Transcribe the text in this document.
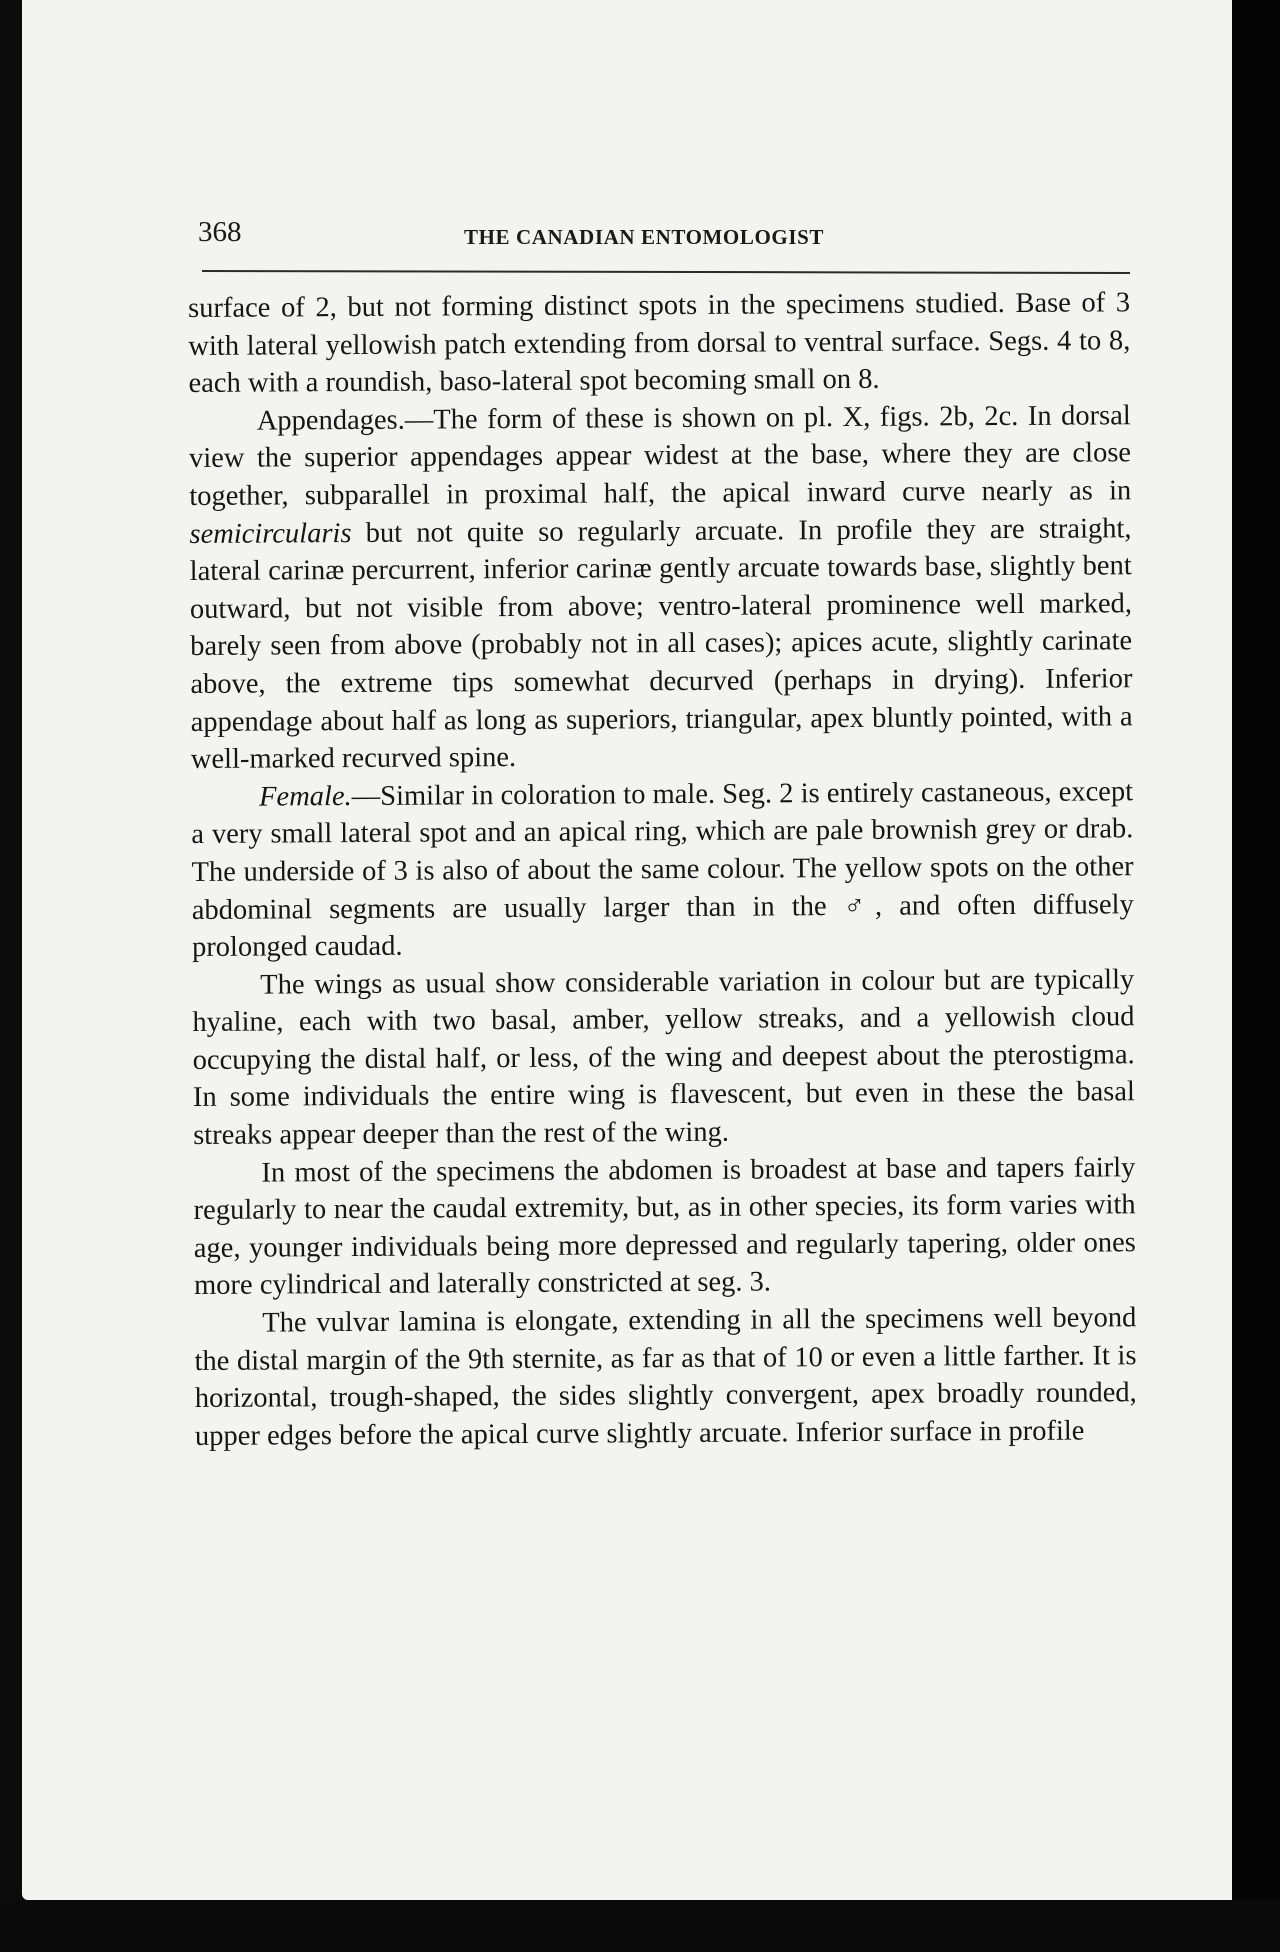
368	THE CANADIAN ENTOMOLOGIST

surface of 2, but not forming distinct spots in the specimens studied. Base of 3 with lateral yellowish patch extending from dorsal to ventral surface. Segs. 4 to 8, each with a roundish, baso-lateral spot becoming small on 8.

Appendages.—The form of these is shown on pl. X, figs. 2b, 2c. In dorsal view the superior appendages appear widest at the base, where they are close together, subparallel in proximal half, the apical inward curve nearly as in semicircularis but not quite so regularly arcuate. In profile they are straight, lateral carinæ percurrent, inferior carinæ gently arcuate towards base, slightly bent outward, but not visible from above; ventro-lateral prominence well marked, barely seen from above (probably not in all cases); apices acute, slightly carinate above, the extreme tips somewhat decurved (perhaps in drying). Inferior appendage about half as long as superiors, triangular, apex bluntly pointed, with a well-marked recurved spine.

Female.—Similar in coloration to male. Seg. 2 is entirely castaneous, except a very small lateral spot and an apical ring, which are pale brownish grey or drab. The underside of 3 is also of about the same colour. The yellow spots on the other abdominal segments are usually larger than in the ♂, and often diffusely prolonged caudad.

The wings as usual show considerable variation in colour but are typically hyaline, each with two basal, amber, yellow streaks, and a yellowish cloud occupying the distal half, or less, of the wing and deepest about the pterostigma. In some individuals the entire wing is flavescent, but even in these the basal streaks appear deeper than the rest of the wing.

In most of the specimens the abdomen is broadest at base and tapers fairly regularly to near the caudal extremity, but, as in other species, its form varies with age, younger individuals being more depressed and regularly tapering, older ones more cylindrical and laterally constricted at seg. 3.

The vulvar lamina is elongate, extending in all the specimens well beyond the distal margin of the 9th sternite, as far as that of 10 or even a little farther. It is horizontal, trough-shaped, the sides slightly convergent, apex broadly rounded, upper edges before the apical curve slightly arcuate. Inferior surface in profile
